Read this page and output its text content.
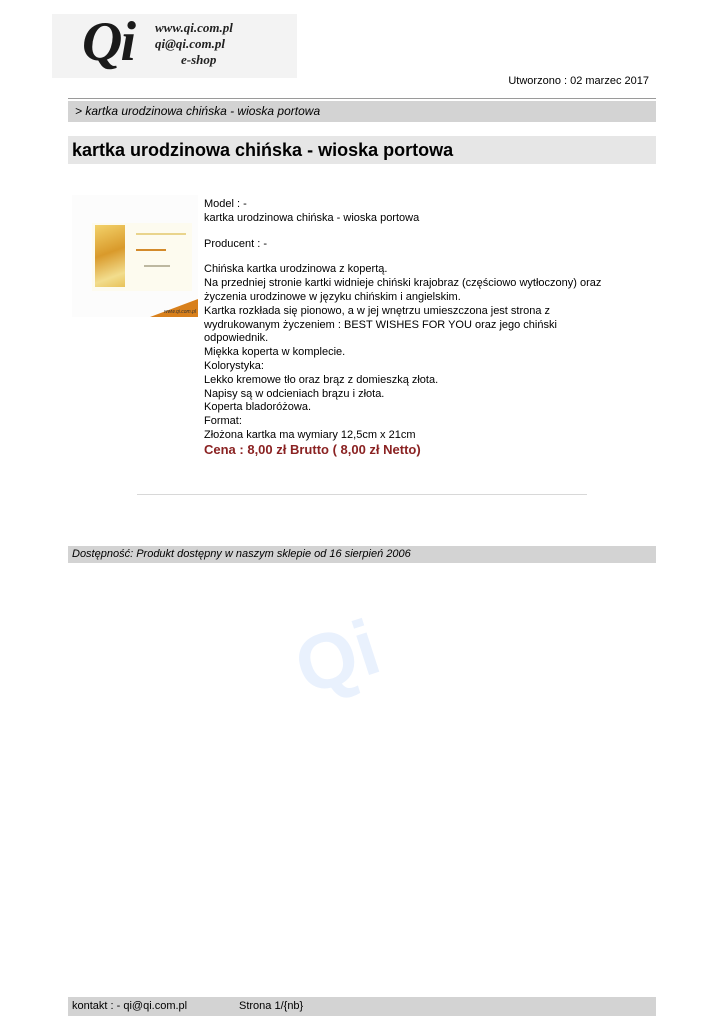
Qi www.qi.com.pl
qi@qi.com.pl
e-shop
Utworzono : 02 marzec 2017
> kartka urodzinowa chińska - wioska portowa
kartka urodzinowa chińska - wioska portowa
www.qi.com.pl

Model : -

kartka urodzinowa chińska - wioska portowa

Producent : -

Chińska kartka urodzinowa z kopertą.

Na przedniej stronie kartki widnieje chiński krajobraz (częściowo wytłoczony) oraz życzenia urodzinowe w języku chińskim i angielskim.

Kartka rozkłada się pionowo, a w jej wnętrzu umieszczona jest strona z wydrukowanym życzeniem : BEST WISHES FOR YOU oraz jego chiński odpowiednik.

Miękka koperta w komplecie.

Kolorystyka:

Lekko kremowe tło oraz brąz z domieszką złota.

Napisy są w odcieniach brązu i złota.

Koperta bladoróżowa.

Format:

Złożona kartka ma wymiary 12,5cm x 21cm

Cena : 8,00 zł Brutto ( 8,00 zł Netto)

Dostępność: Produkt dostępny w naszym sklepie od 16 sierpień 2006
Qi
kontakt : - qi@qi.com.pl	Strona 1/{nb}
